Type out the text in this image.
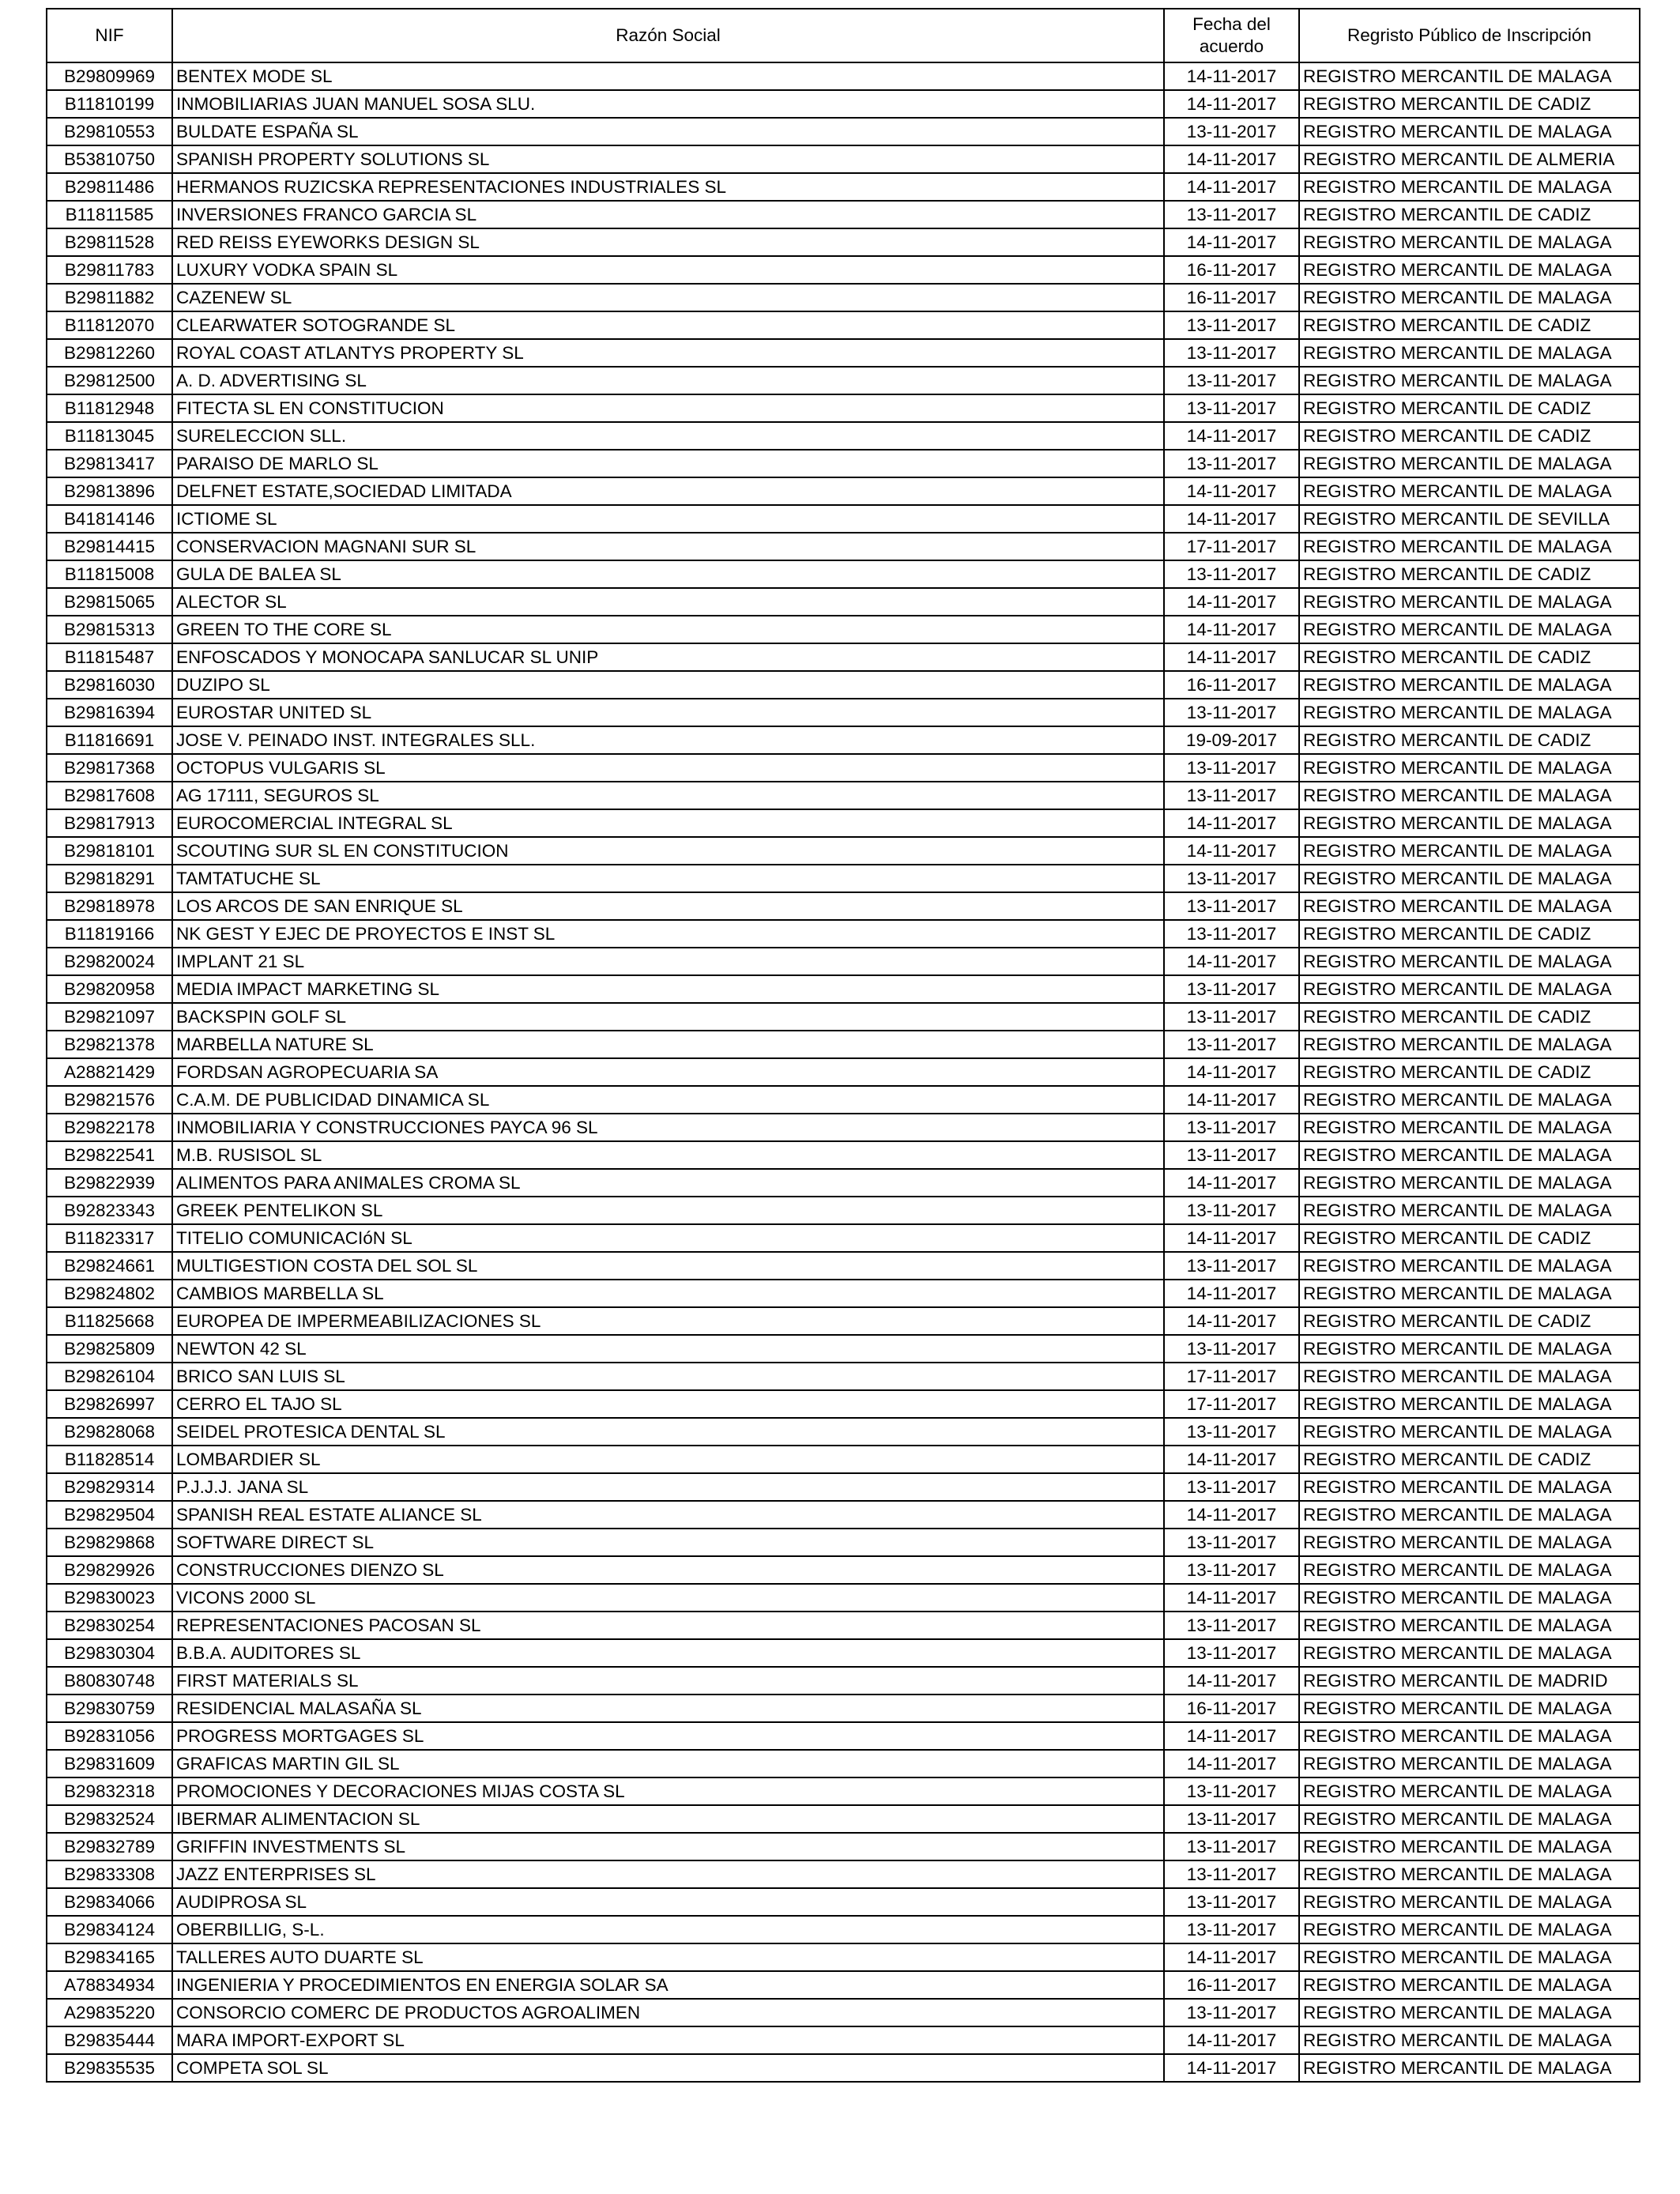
NIF	Razón Social	Fecha del acuerdo	Regristo Público de Inscripción
B29809969	BENTEX MODE SL	14-11-2017	REGISTRO MERCANTIL DE MALAGA
B11810199	INMOBILIARIAS JUAN MANUEL SOSA SLU.	14-11-2017	REGISTRO MERCANTIL DE CADIZ
B29810553	BULDATE ESPAÑA SL	13-11-2017	REGISTRO MERCANTIL DE MALAGA
B53810750	SPANISH PROPERTY SOLUTIONS SL	14-11-2017	REGISTRO MERCANTIL DE ALMERIA
B29811486	HERMANOS RUZICSKA REPRESENTACIONES INDUSTRIALES SL	14-11-2017	REGISTRO MERCANTIL DE MALAGA
B11811585	INVERSIONES FRANCO GARCIA SL	13-11-2017	REGISTRO MERCANTIL DE CADIZ
B29811528	RED REISS EYEWORKS DESIGN SL	14-11-2017	REGISTRO MERCANTIL DE MALAGA
B29811783	LUXURY VODKA SPAIN SL	16-11-2017	REGISTRO MERCANTIL DE MALAGA
B29811882	CAZENEW SL	16-11-2017	REGISTRO MERCANTIL DE MALAGA
B11812070	CLEARWATER SOTOGRANDE SL	13-11-2017	REGISTRO MERCANTIL DE CADIZ
B29812260	ROYAL COAST ATLANTYS PROPERTY SL	13-11-2017	REGISTRO MERCANTIL DE MALAGA
B29812500	A. D. ADVERTISING SL	13-11-2017	REGISTRO MERCANTIL DE MALAGA
B11812948	FITECTA SL EN CONSTITUCION	13-11-2017	REGISTRO MERCANTIL DE CADIZ
B11813045	SURELECCION SLL.	14-11-2017	REGISTRO MERCANTIL DE CADIZ
B29813417	PARAISO DE MARLO SL	13-11-2017	REGISTRO MERCANTIL DE MALAGA
B29813896	DELFNET ESTATE,SOCIEDAD LIMITADA	14-11-2017	REGISTRO MERCANTIL DE MALAGA
B41814146	ICTIOME SL	14-11-2017	REGISTRO MERCANTIL DE SEVILLA
B29814415	CONSERVACION MAGNANI SUR SL	17-11-2017	REGISTRO MERCANTIL DE MALAGA
B11815008	GULA DE BALEA SL	13-11-2017	REGISTRO MERCANTIL DE CADIZ
B29815065	ALECTOR SL	14-11-2017	REGISTRO MERCANTIL DE MALAGA
B29815313	GREEN TO THE CORE SL	14-11-2017	REGISTRO MERCANTIL DE MALAGA
B11815487	ENFOSCADOS Y MONOCAPA SANLUCAR SL UNIP	14-11-2017	REGISTRO MERCANTIL DE CADIZ
B29816030	DUZIPO SL	16-11-2017	REGISTRO MERCANTIL DE MALAGA
B29816394	EUROSTAR UNITED SL	13-11-2017	REGISTRO MERCANTIL DE MALAGA
B11816691	JOSE V. PEINADO INST. INTEGRALES SLL.	19-09-2017	REGISTRO MERCANTIL DE CADIZ
B29817368	OCTOPUS VULGARIS SL	13-11-2017	REGISTRO MERCANTIL DE MALAGA
B29817608	AG 17111, SEGUROS SL	13-11-2017	REGISTRO MERCANTIL DE MALAGA
B29817913	EUROCOMERCIAL INTEGRAL SL	14-11-2017	REGISTRO MERCANTIL DE MALAGA
B29818101	SCOUTING SUR SL EN CONSTITUCION	14-11-2017	REGISTRO MERCANTIL DE MALAGA
B29818291	TAMTATUCHE SL	13-11-2017	REGISTRO MERCANTIL DE MALAGA
B29818978	LOS ARCOS DE SAN ENRIQUE SL	13-11-2017	REGISTRO MERCANTIL DE MALAGA
B11819166	NK GEST Y EJEC DE PROYECTOS E INST SL	13-11-2017	REGISTRO MERCANTIL DE CADIZ
B29820024	IMPLANT 21 SL	14-11-2017	REGISTRO MERCANTIL DE MALAGA
B29820958	MEDIA IMPACT MARKETING SL	13-11-2017	REGISTRO MERCANTIL DE MALAGA
B29821097	BACKSPIN GOLF SL	13-11-2017	REGISTRO MERCANTIL DE CADIZ
B29821378	MARBELLA NATURE SL	13-11-2017	REGISTRO MERCANTIL DE MALAGA
A28821429	FORDSAN AGROPECUARIA SA	14-11-2017	REGISTRO MERCANTIL DE CADIZ
B29821576	C.A.M. DE PUBLICIDAD DINAMICA SL	14-11-2017	REGISTRO MERCANTIL DE MALAGA
B29822178	INMOBILIARIA Y CONSTRUCCIONES PAYCA 96 SL	13-11-2017	REGISTRO MERCANTIL DE MALAGA
B29822541	M.B. RUSISOL SL	13-11-2017	REGISTRO MERCANTIL DE MALAGA
B29822939	ALIMENTOS PARA ANIMALES CROMA SL	14-11-2017	REGISTRO MERCANTIL DE MALAGA
B92823343	GREEK PENTELIKON SL	13-11-2017	REGISTRO MERCANTIL DE MALAGA
B11823317	TITELIO COMUNICACIóN SL	14-11-2017	REGISTRO MERCANTIL DE CADIZ
B29824661	MULTIGESTION COSTA DEL SOL SL	13-11-2017	REGISTRO MERCANTIL DE MALAGA
B29824802	CAMBIOS MARBELLA SL	14-11-2017	REGISTRO MERCANTIL DE MALAGA
B11825668	EUROPEA DE IMPERMEABILIZACIONES SL	14-11-2017	REGISTRO MERCANTIL DE CADIZ
B29825809	NEWTON 42 SL	13-11-2017	REGISTRO MERCANTIL DE MALAGA
B29826104	BRICO SAN LUIS SL	17-11-2017	REGISTRO MERCANTIL DE MALAGA
B29826997	CERRO EL TAJO SL	17-11-2017	REGISTRO MERCANTIL DE MALAGA
B29828068	SEIDEL PROTESICA DENTAL SL	13-11-2017	REGISTRO MERCANTIL DE MALAGA
B11828514	LOMBARDIER SL	14-11-2017	REGISTRO MERCANTIL DE CADIZ
B29829314	P.J.J.J. JANA SL	13-11-2017	REGISTRO MERCANTIL DE MALAGA
B29829504	SPANISH REAL ESTATE ALIANCE SL	14-11-2017	REGISTRO MERCANTIL DE MALAGA
B29829868	SOFTWARE DIRECT SL	13-11-2017	REGISTRO MERCANTIL DE MALAGA
B29829926	CONSTRUCCIONES DIENZO SL	13-11-2017	REGISTRO MERCANTIL DE MALAGA
B29830023	VICONS 2000 SL	14-11-2017	REGISTRO MERCANTIL DE MALAGA
B29830254	REPRESENTACIONES PACOSAN SL	13-11-2017	REGISTRO MERCANTIL DE MALAGA
B29830304	B.B.A. AUDITORES SL	13-11-2017	REGISTRO MERCANTIL DE MALAGA
B80830748	FIRST MATERIALS SL	14-11-2017	REGISTRO MERCANTIL DE MADRID
B29830759	RESIDENCIAL MALASAÑA SL	16-11-2017	REGISTRO MERCANTIL DE MALAGA
B92831056	PROGRESS MORTGAGES SL	14-11-2017	REGISTRO MERCANTIL DE MALAGA
B29831609	GRAFICAS MARTIN GIL SL	14-11-2017	REGISTRO MERCANTIL DE MALAGA
B29832318	PROMOCIONES Y DECORACIONES MIJAS COSTA SL	13-11-2017	REGISTRO MERCANTIL DE MALAGA
B29832524	IBERMAR ALIMENTACION SL	13-11-2017	REGISTRO MERCANTIL DE MALAGA
B29832789	GRIFFIN INVESTMENTS SL	13-11-2017	REGISTRO MERCANTIL DE MALAGA
B29833308	JAZZ ENTERPRISES SL	13-11-2017	REGISTRO MERCANTIL DE MALAGA
B29834066	AUDIPROSA SL	13-11-2017	REGISTRO MERCANTIL DE MALAGA
B29834124	OBERBILLIG, S-L.	13-11-2017	REGISTRO MERCANTIL DE MALAGA
B29834165	TALLERES AUTO DUARTE SL	14-11-2017	REGISTRO MERCANTIL DE MALAGA
A78834934	INGENIERIA Y PROCEDIMIENTOS EN ENERGIA SOLAR SA	16-11-2017	REGISTRO MERCANTIL DE MALAGA
A29835220	CONSORCIO COMERC DE PRODUCTOS AGROALIMEN	13-11-2017	REGISTRO MERCANTIL DE MALAGA
B29835444	MARA IMPORT-EXPORT SL	14-11-2017	REGISTRO MERCANTIL DE MALAGA
B29835535	COMPETA SOL SL	14-11-2017	REGISTRO MERCANTIL DE MALAGA
